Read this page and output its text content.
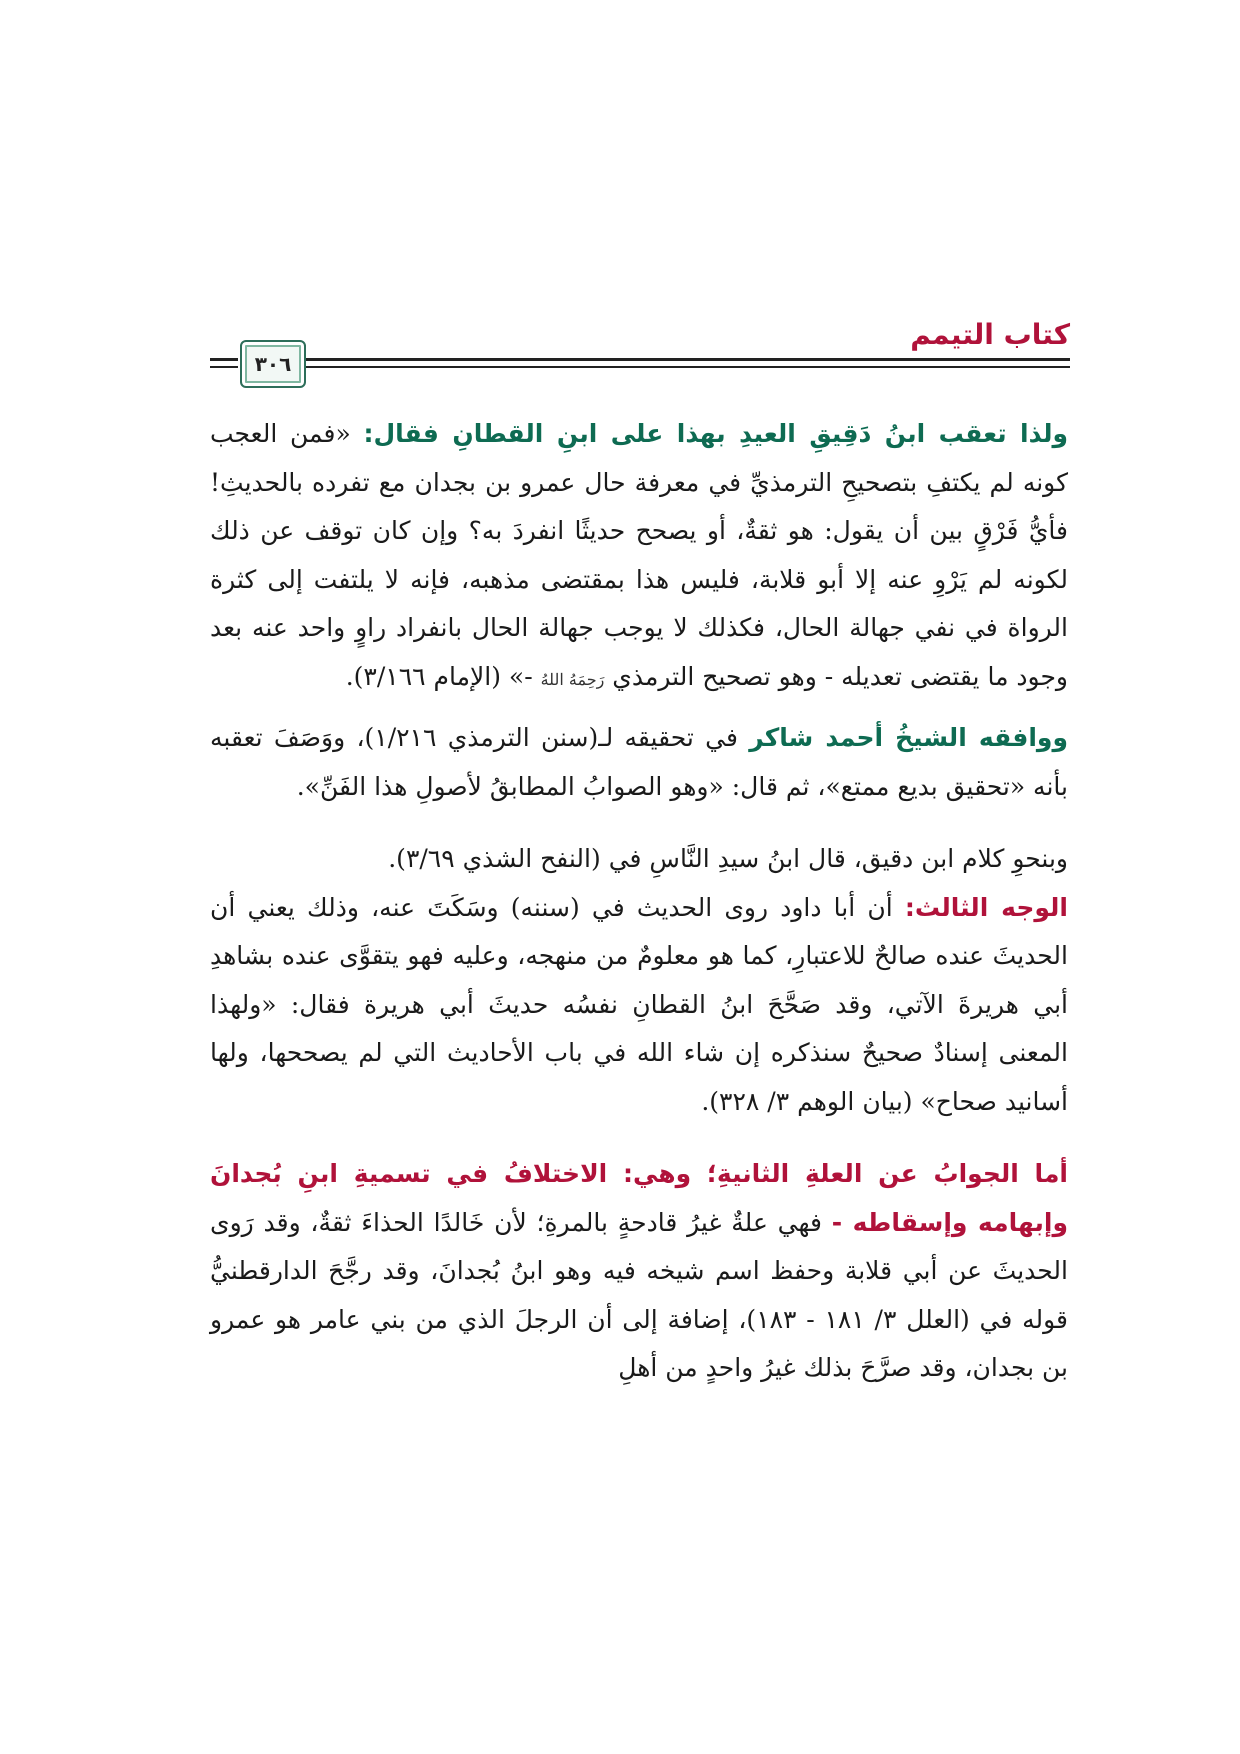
كتاب التيمم
٣٠٦

ولذا تعقب ابنُ دَقِيقِ العيدِ بهذا على ابنِ القطانِ فقال: «فمن العجب كونه لم يكتفِ بتصحيحِ الترمذيِّ في معرفة حال عمرو بن بجدان مع تفرده بالحديثِ! فأيُّ فَرْقٍ بين أن يقول: هو ثقةٌ، أو يصحح حديثًا انفردَ به؟ وإن كان توقف عن ذلك لكونه لم يَرْوِ عنه إلا أبو قلابة، فليس هذا بمقتضى مذهبه، فإنه لا يلتفت إلى كثرة الرواة في نفي جهالة الحال، فكذلك لا يوجب جهالة الحال بانفراد راوٍ واحد عنه بعد وجود ما يقتضى تعديله - وهو تصحيح الترمذي رَحِمَهُ اللهُ -» (الإمام ٣/١٦٦).

ووافقه الشيخُ أحمد شاكر في تحقيقه لـ(سنن الترمذي ١/٢١٦)، ووَصَفَ تعقبه بأنه «تحقيق بديع ممتع»، ثم قال: «وهو الصوابُ المطابقُ لأصولِ هذا الفَنِّ».

وبنحوِ كلام ابن دقيق، قال ابنُ سيدِ النَّاسِ في (النفح الشذي ٣/٦٩).

الوجه الثالث: أن أبا داود روى الحديث في (سننه) وسَكَتَ عنه، وذلك يعني أن الحديثَ عنده صالحٌ للاعتبارِ، كما هو معلومٌ من منهجه، وعليه فهو يتقوَّى عنده بشاهدِ أبي هريرةَ الآتي، وقد صَحَّحَ ابنُ القطانِ نفسُه حديثَ أبي هريرة فقال: «ولهذا المعنى إسنادٌ صحيحٌ سنذكره إن شاء الله في باب الأحاديث التي لم يصححها، ولها أسانيد صحاح» (بيان الوهم ٣/ ٣٢٨).

أما الجوابُ عن العلةِ الثانيةِ؛ وهي: الاختلافُ في تسميةِ ابنِ بُجدانَ وإبهامه وإسقاطه - فهي علةٌ غيرُ قادحةٍ بالمرةِ؛ لأن خَالدًا الحذاءَ ثقةٌ، وقد رَوى الحديثَ عن أبي قلابة وحفظ اسم شيخه فيه وهو ابنُ بُجدانَ، وقد رجَّحَ الدارقطنيُّ قوله في (العلل ٣/ ١٨١ - ١٨٣)، إضافة إلى أن الرجلَ الذي من بني عامر هو عمرو بن بجدان، وقد صرَّحَ بذلك غيرُ واحدٍ من أهلِ
